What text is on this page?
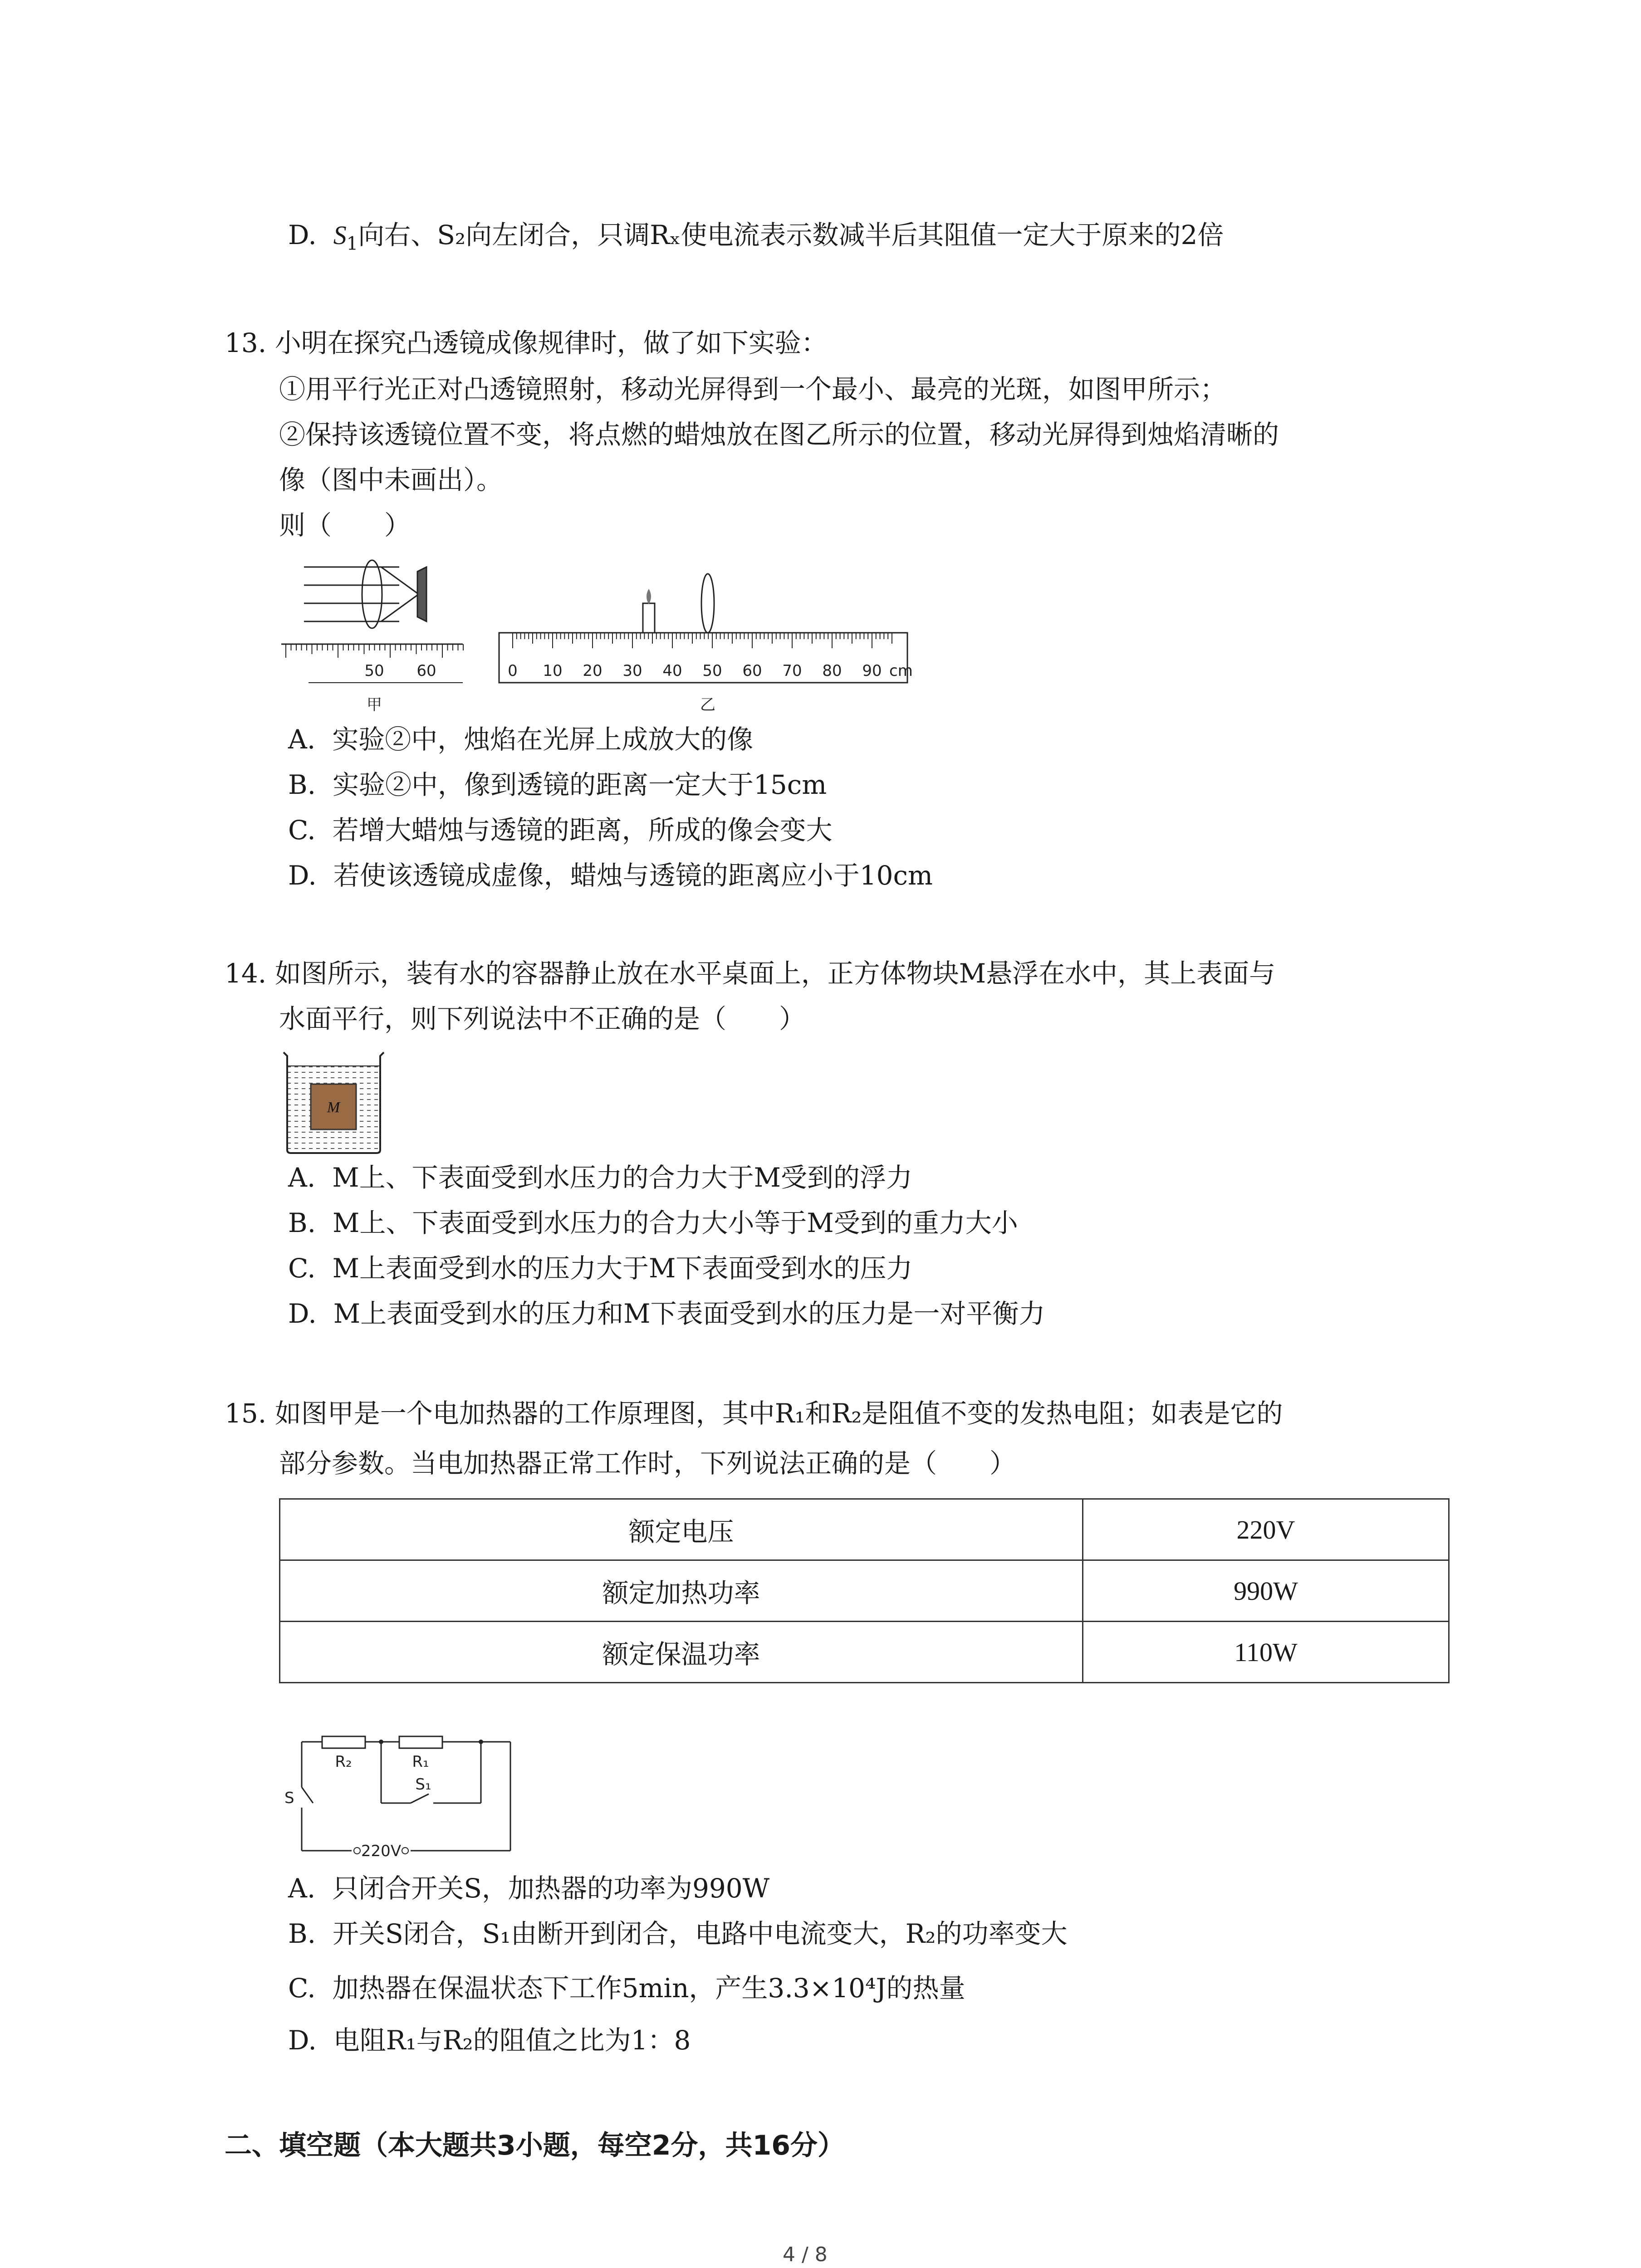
D. $S_1$向右、S₂向左闭合，只调Rₓ使电流表示数减半后其阻值一定大于原来的2倍
13. 小明在探究凸透镜成像规律时，做了如下实验：
①用平行光正对凸透镜照射，移动光屏得到一个最小、最亮的光斑，如图甲所示；
②保持该透镜位置不变，将点燃的蜡烛放在图乙所示的位置，移动光屏得到烛焰清晰的
像（图中未画出）。
则（　　）
50 60
甲
0 10 20 30 40 50 60 70 80 90 cm
乙
A. 实验②中，烛焰在光屏上成放大的像
B. 实验②中，像到透镜的距离一定大于15cm
C. 若增大蜡烛与透镜的距离，所成的像会变大
D. 若使该透镜成虚像，蜡烛与透镜的距离应小于10cm
14. 如图所示，装有水的容器静止放在水平桌面上，正方体物块M悬浮在水中，其上表面与
水面平行，则下列说法中不正确的是（　　）
M
A. M上、下表面受到水压力的合力大于M受到的浮力
B. M上、下表面受到水压力的合力大小等于M受到的重力大小
C. M上表面受到水的压力大于M下表面受到水的压力
D. M上表面受到水的压力和M下表面受到水的压力是一对平衡力
15. 如图甲是一个电加热器的工作原理图，其中R₁和R₂是阻值不变的发热电阻；如表是它的
部分参数。当电加热器正常工作时，下列说法正确的是（　　）
额定电压	220V
额定加热功率	990W
额定保温功率	110W
R₂	R₁
S
S₁
220V
A. 只闭合开关S，加热器的功率为990W
B. 开关S闭合，S₁由断开到闭合，电路中电流变大，R₂的功率变大
C. 加热器在保温状态下工作5min，产生3.3×10⁴J的热量
D. 电阻R₁与R₂的阻值之比为1：8
二、填空题（本大题共3小题，每空2分，共16分）
4 / 8
